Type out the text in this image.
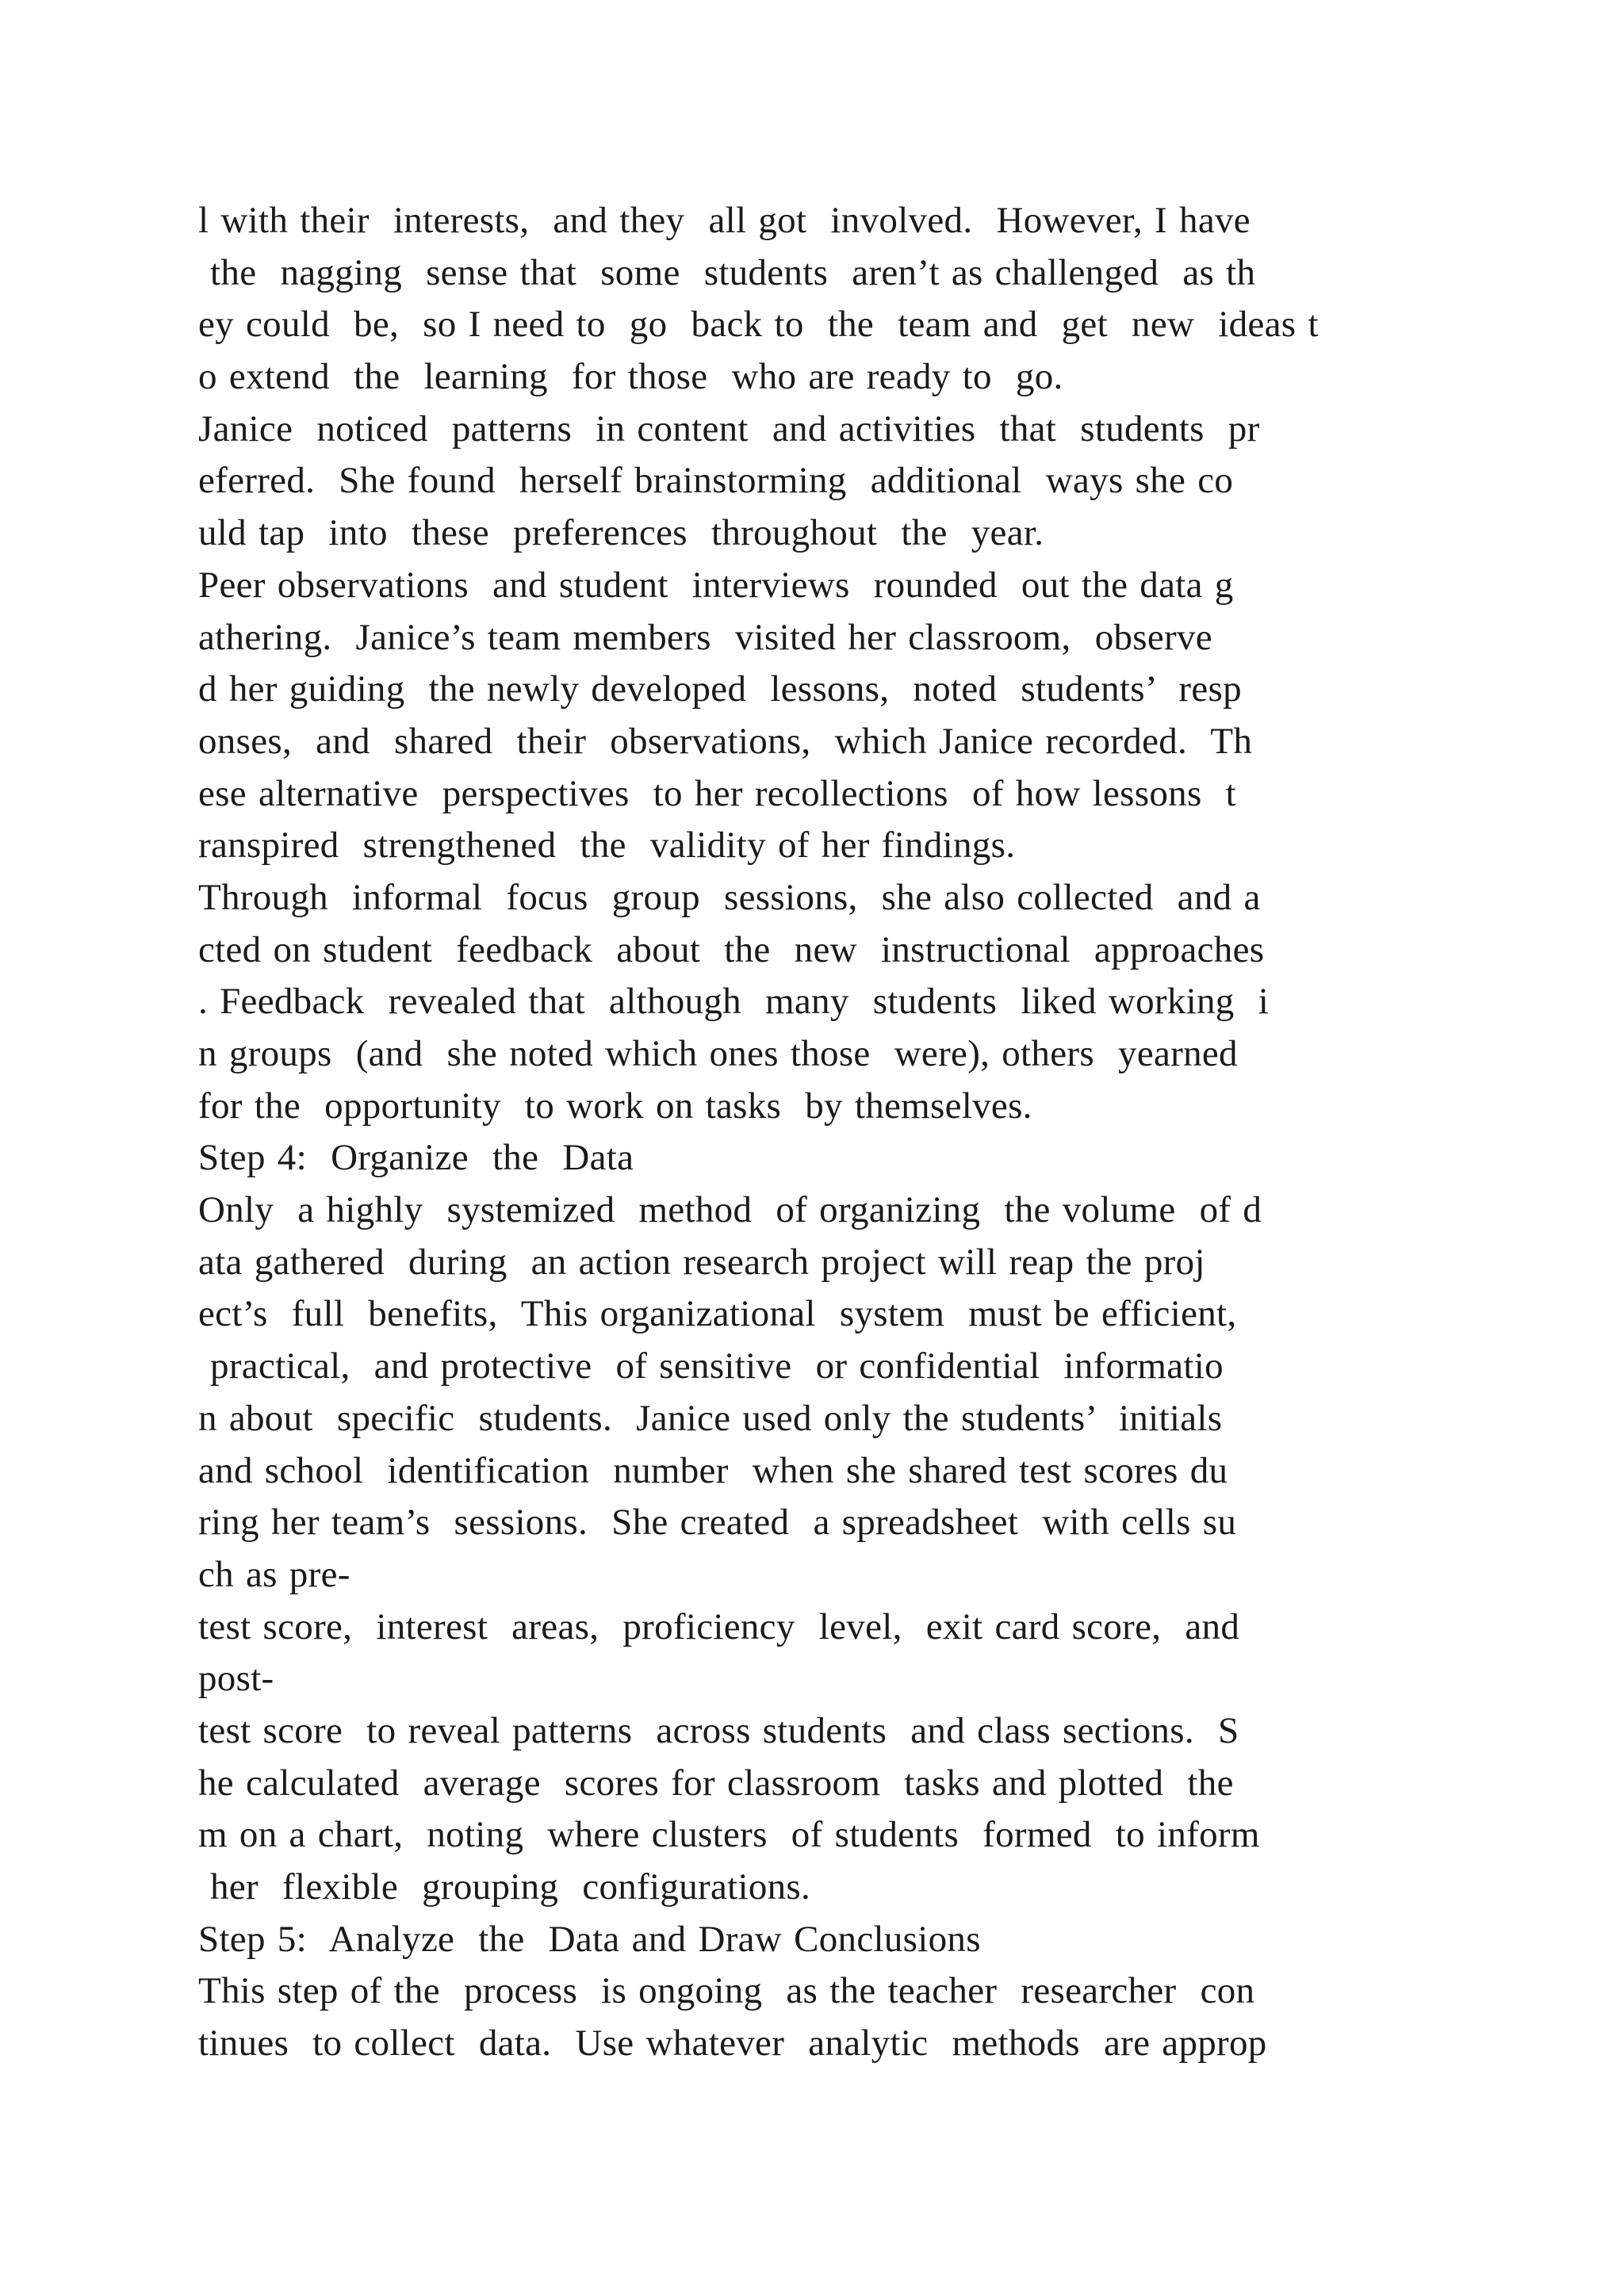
l with their  interests,  and they  all got  involved.  However, I have
the  nagging  sense that  some  students  aren’t as challenged  as th
ey could  be,  so I need to  go  back to  the  team and  get  new  ideas t
o extend  the  learning  for those  who are ready to  go.
Janice  noticed  patterns  in content  and activities  that  students  pr
eferred.  She found  herself brainstorming  additional  ways she co
uld tap  into  these  preferences  throughout  the  year.
Peer observations  and student  interviews  rounded  out the data g
athering.  Janice’s team members  visited her classroom,  observe
d her guiding  the newly developed  lessons,  noted  students’  resp
onses,  and  shared  their  observations,  which Janice recorded.  Th
ese alternative  perspectives  to her recollections  of how lessons  t
ranspired  strengthened  the  validity of her findings.
Through  informal  focus  group  sessions,  she also collected  and a
cted on student  feedback  about  the  new  instructional  approaches
. Feedback  revealed that  although  many  students  liked working  i
n groups  (and  she noted which ones those  were), others  yearned
for the  opportunity  to work on tasks  by themselves.
Step 4:  Organize  the  Data
Only  a highly  systemized  method  of organizing  the volume  of d
ata gathered  during  an action research project will reap the proj
ect’s  full  benefits,  This organizational  system  must be efficient,
practical,  and protective  of sensitive  or confidential  informatio
n about  specific  students.  Janice used only the students’  initials
and school  identification  number  when she shared test scores du
ring her team’s  sessions.  She created  a spreadsheet  with cells su
ch as pre-
test score,  interest  areas,  proficiency  level,  exit card score,  and
post-
test score  to reveal patterns  across students  and class sections.  S
he calculated  average  scores for classroom  tasks and plotted  the
m on a chart,  noting  where clusters  of students  formed  to inform
her  flexible  grouping  configurations.
Step 5:  Analyze  the  Data and Draw Conclusions
This step of the  process  is ongoing  as the teacher  researcher  con
tinues  to collect  data.  Use whatever  analytic  methods  are approp
